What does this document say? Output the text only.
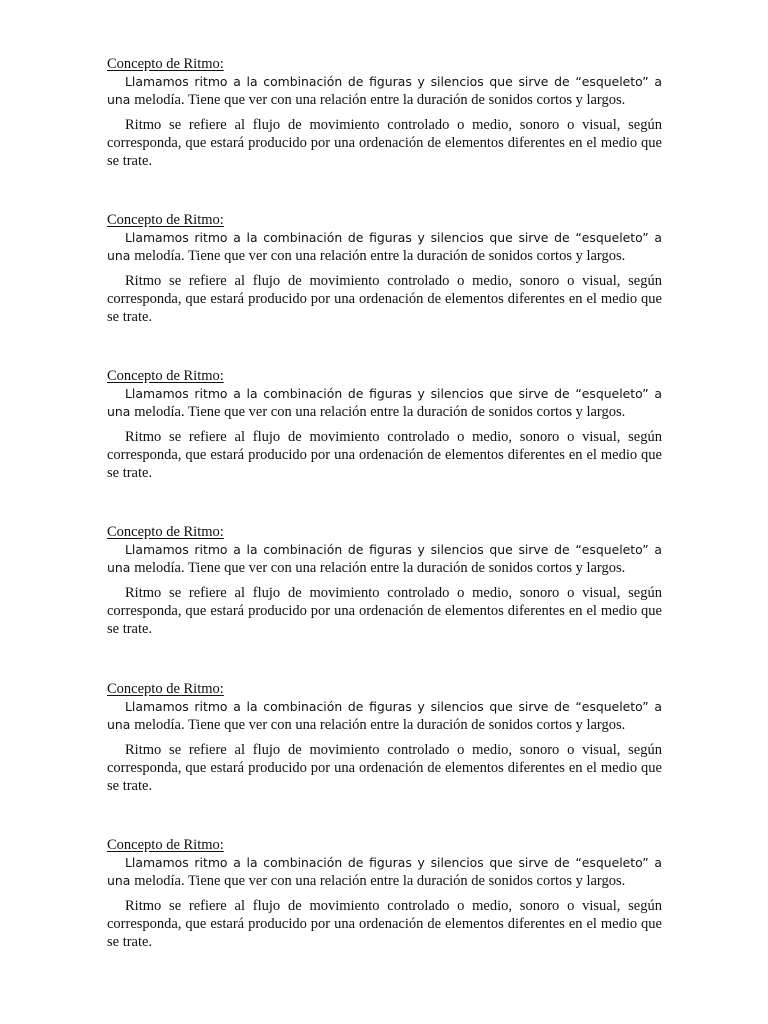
Concepto de Ritmo:

Llamamos ritmo a la combinación de figuras y silencios que sirve de “esqueleto” a una melodía. Tiene que ver con una relación entre la duración de sonidos cortos y largos.

Ritmo se refiere al flujo de movimiento controlado o medio, sonoro o visual, según corresponda, que estará producido por una ordenación de elementos diferentes en el medio que se trate.

Concepto de Ritmo:

Llamamos ritmo a la combinación de figuras y silencios que sirve de “esqueleto” a una melodía. Tiene que ver con una relación entre la duración de sonidos cortos y largos.

Ritmo se refiere al flujo de movimiento controlado o medio, sonoro o visual, según corresponda, que estará producido por una ordenación de elementos diferentes en el medio que se trate.

Concepto de Ritmo:

Llamamos ritmo a la combinación de figuras y silencios que sirve de “esqueleto” a una melodía. Tiene que ver con una relación entre la duración de sonidos cortos y largos.

Ritmo se refiere al flujo de movimiento controlado o medio, sonoro o visual, según corresponda, que estará producido por una ordenación de elementos diferentes en el medio que se trate.

Concepto de Ritmo:

Llamamos ritmo a la combinación de figuras y silencios que sirve de “esqueleto” a una melodía. Tiene que ver con una relación entre la duración de sonidos cortos y largos.

Ritmo se refiere al flujo de movimiento controlado o medio, sonoro o visual, según corresponda, que estará producido por una ordenación de elementos diferentes en el medio que se trate.

Concepto de Ritmo:

Llamamos ritmo a la combinación de figuras y silencios que sirve de “esqueleto” a una melodía. Tiene que ver con una relación entre la duración de sonidos cortos y largos.

Ritmo se refiere al flujo de movimiento controlado o medio, sonoro o visual, según corresponda, que estará producido por una ordenación de elementos diferentes en el medio que se trate.

Concepto de Ritmo:

Llamamos ritmo a la combinación de figuras y silencios que sirve de “esqueleto” a una melodía. Tiene que ver con una relación entre la duración de sonidos cortos y largos.

Ritmo se refiere al flujo de movimiento controlado o medio, sonoro o visual, según corresponda, que estará producido por una ordenación de elementos diferentes en el medio que se trate.
